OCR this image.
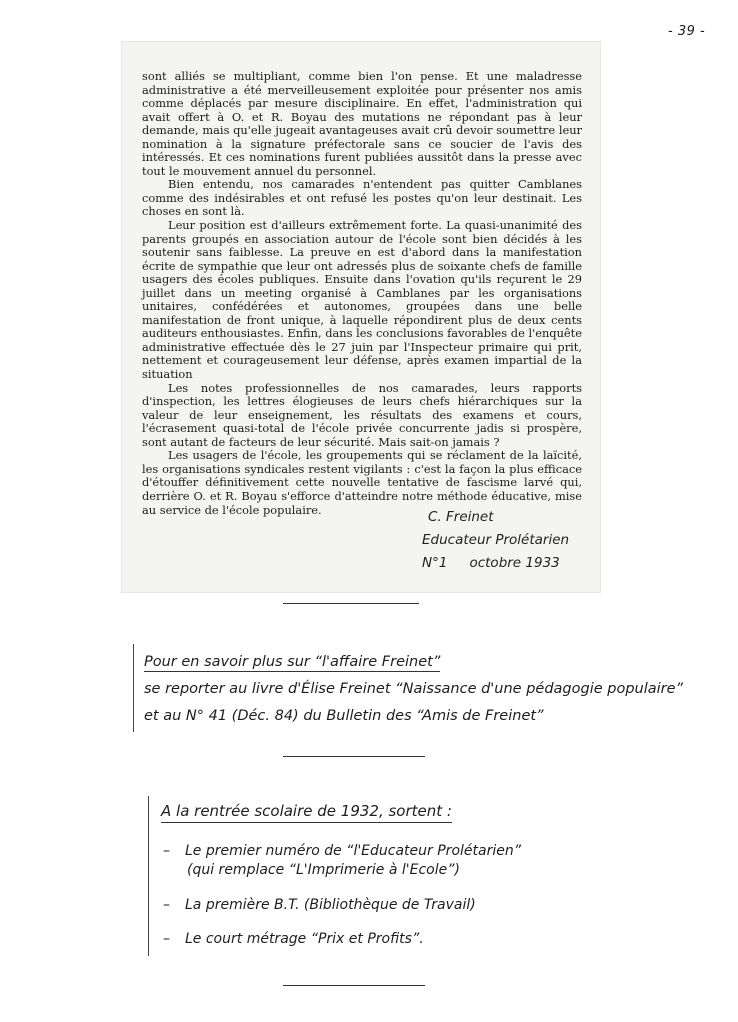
- 39 -

sont alliés se multipliant, comme bien l'on pense. Et une maladresse administrative a été merveilleusement exploitée pour présenter nos amis comme déplacés par mesure disciplinaire. En effet, l'administration qui avait offert à O. et R. Boyau des mutations ne répondant pas à leur demande, mais qu'elle jugeait avantageuses avait crû devoir soumettre leur nomination à la signature préfectorale sans ce soucier de l'avis des intéressés. Et ces nominations furent publiées aussitôt dans la presse avec tout le mouvement annuel du personnel.

Bien entendu, nos camarades n'entendent pas quitter Camblanes comme des indésirables et ont refusé les postes qu'on leur destinait. Les choses en sont là.

Leur position est d'ailleurs extrêmement forte. La quasi-unanimité des parents groupés en association autour de l'école sont bien décidés à les soutenir sans faiblesse. La preuve en est d'abord dans la manifestation écrite de sympathie que leur ont adressés plus de soixante chefs de famille usagers des écoles publiques. Ensuite dans l'ovation qu'ils reçurent le 29 juillet dans un meeting organisé à Camblanes par les organisations unitaires, confédérées et autonomes, groupées dans une belle manifestation de front unique, à laquelle répondirent plus de deux cents auditeurs enthousiastes. Enfin, dans les conclusions favorables de l'enquête administrative effectuée dès le 27 juin par l'Inspecteur primaire qui prit, nettement et courageusement leur défense, après examen impartial de la situation

Les notes professionnelles de nos camarades, leurs rapports d'inspection, les lettres élogieuses de leurs chefs hiérarchiques sur la valeur de leur enseignement, les résultats des examens et cours, l'écrasement quasi-total de l'école privée concurrente jadis si prospère, sont autant de facteurs de leur sécurité. Mais sait-on jamais ?

Les usagers de l'école, les groupements qui se réclament de la laïcité, les organisations syndicales restent vigilants : c'est la façon la plus efficace d'étouffer définitivement cette nouvelle tentative de fascisme larvé qui, derrière O. et R. Boyau s'efforce d'atteindre notre méthode éducative, mise au service de l'école populaire.	C. Freinet
Educateur Prolétarien
N°1 octobre 1933
Pour en savoir plus sur “l'affaire Freinet”
se reporter au livre d'Élise Freinet “Naissance d'une pédagogie populaire”
et au N° 41 (Déc. 84) du Bulletin des “Amis de Freinet”
A la rentrée scolaire de 1932, sortent :
– Le premier numéro de “l'Educateur Prolétarien”
(qui remplace “L'Imprimerie à l'Ecole”)
– La première B.T. (Bibliothèque de Travail)
– Le court métrage “Prix et Profits”.
